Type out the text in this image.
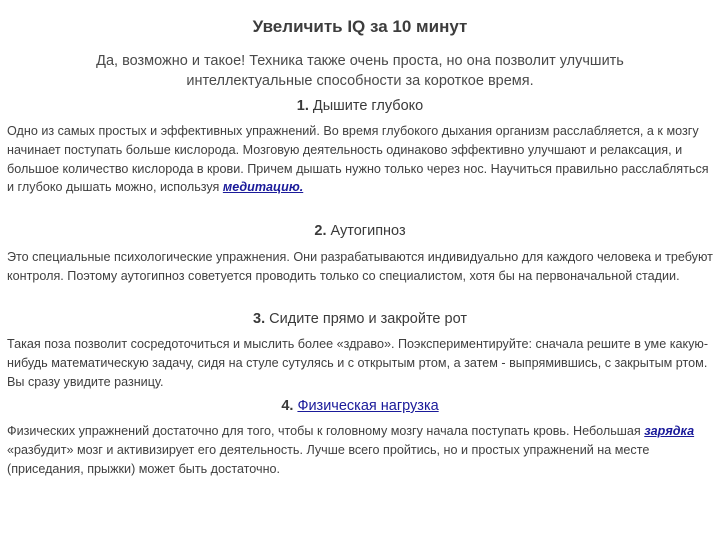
Увеличить IQ за 10 минут
Да, возможно и такое! Техника также очень проста, но она позволит улучшить интеллектуальные способности за короткое время.
1. Дышите глубоко
Одно из самых простых и эффективных упражнений. Во время глубокого дыхания организм расслабляется, а к мозгу начинает поступать больше кислорода. Мозговую деятельность одинаково эффективно улучшают и релаксация, и большое количество кислорода в крови. Причем дышать нужно только через нос. Научиться правильно расслабляться и глубоко дышать можно, используя медитацию.
2. Аутогипноз
Это специальные психологические упражнения. Они разрабатываются индивидуально для каждого человека и требуют контроля. Поэтому аутогипноз советуется проводить только со специалистом, хотя бы на первоначальной стадии.
3. Сидите прямо и закройте рот
Такая поза позволит сосредоточиться и мыслить более «здраво». Поэкспериментируйте: сначала решите в уме какую-нибудь математическую задачу, сидя на стуле сутулясь и с открытым ртом, а затем - выпрямившись, с закрытым ртом. Вы сразу увидите разницу.
4. Физическая нагрузка
Физических упражнений достаточно для того, чтобы к головному мозгу начала поступать кровь. Небольшая зарядка «разбудит» мозг и активизирует его деятельность. Лучше всего пройтись, но и простых упражнений на месте (приседания, прыжки) может быть достаточно.
